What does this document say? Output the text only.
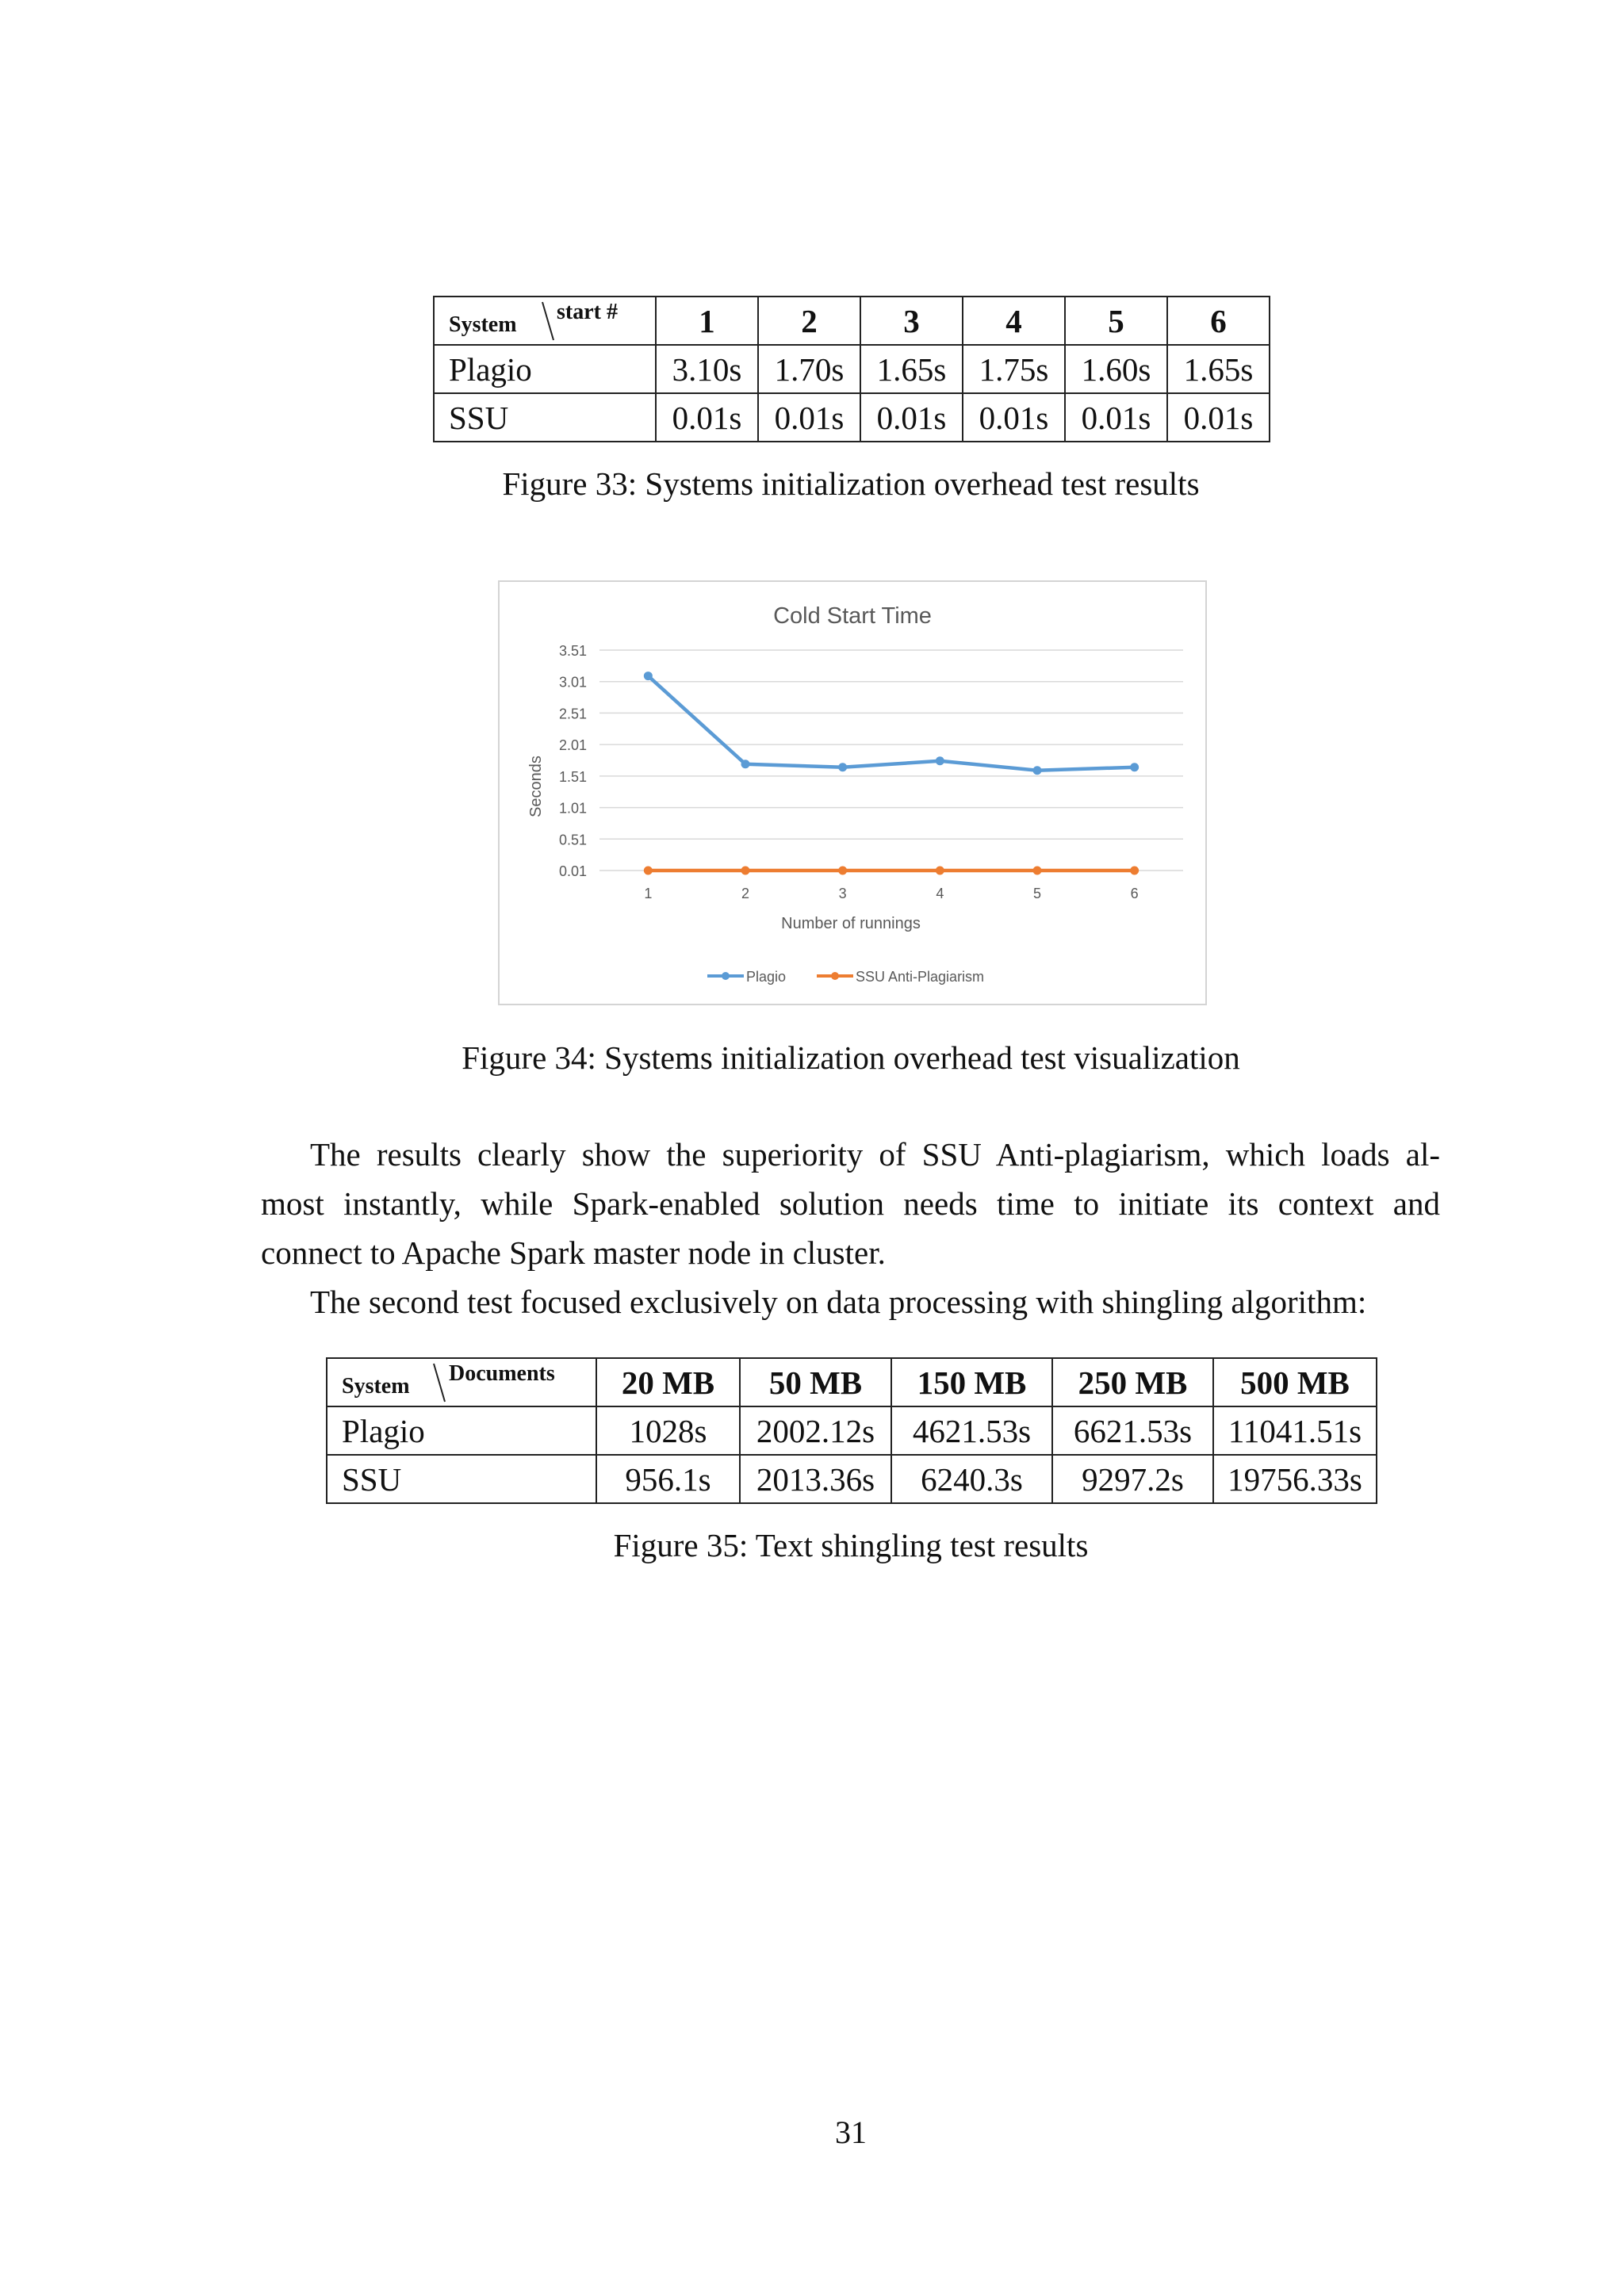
System
start #	1	2	3	4	5	6
Plagio	3.10s	1.70s	1.65s	1.75s	1.60s	1.65s
SSU	0.01s	0.01s	0.01s	0.01s	0.01s	0.01s
Figure 33: Systems initialization overhead test results
3.51
3.01
2.51
2.01
1.51
1.01
0.51
0.01
1	2	3	4	5	6
Cold Start Time
Seconds
Number of runnings
Plagio	SSU Anti-Plagiarism
Figure 34: Systems initialization overhead test visualization
The results clearly show the superiority of SSU Anti-plagiarism, which loads al-
most instantly, while Spark-enabled solution needs time to initiate its context and
connect to Apache Spark master node in cluster.
The second test focused exclusively on data processing with shingling algorithm:
System
Documents	20 MB	50 MB	150 MB	250 MB	500 MB
Plagio	1028s	2002.12s	4621.53s	6621.53s	11041.51s
SSU	956.1s	2013.36s	6240.3s	9297.2s	19756.33s
Figure 35: Text shingling test results
31
